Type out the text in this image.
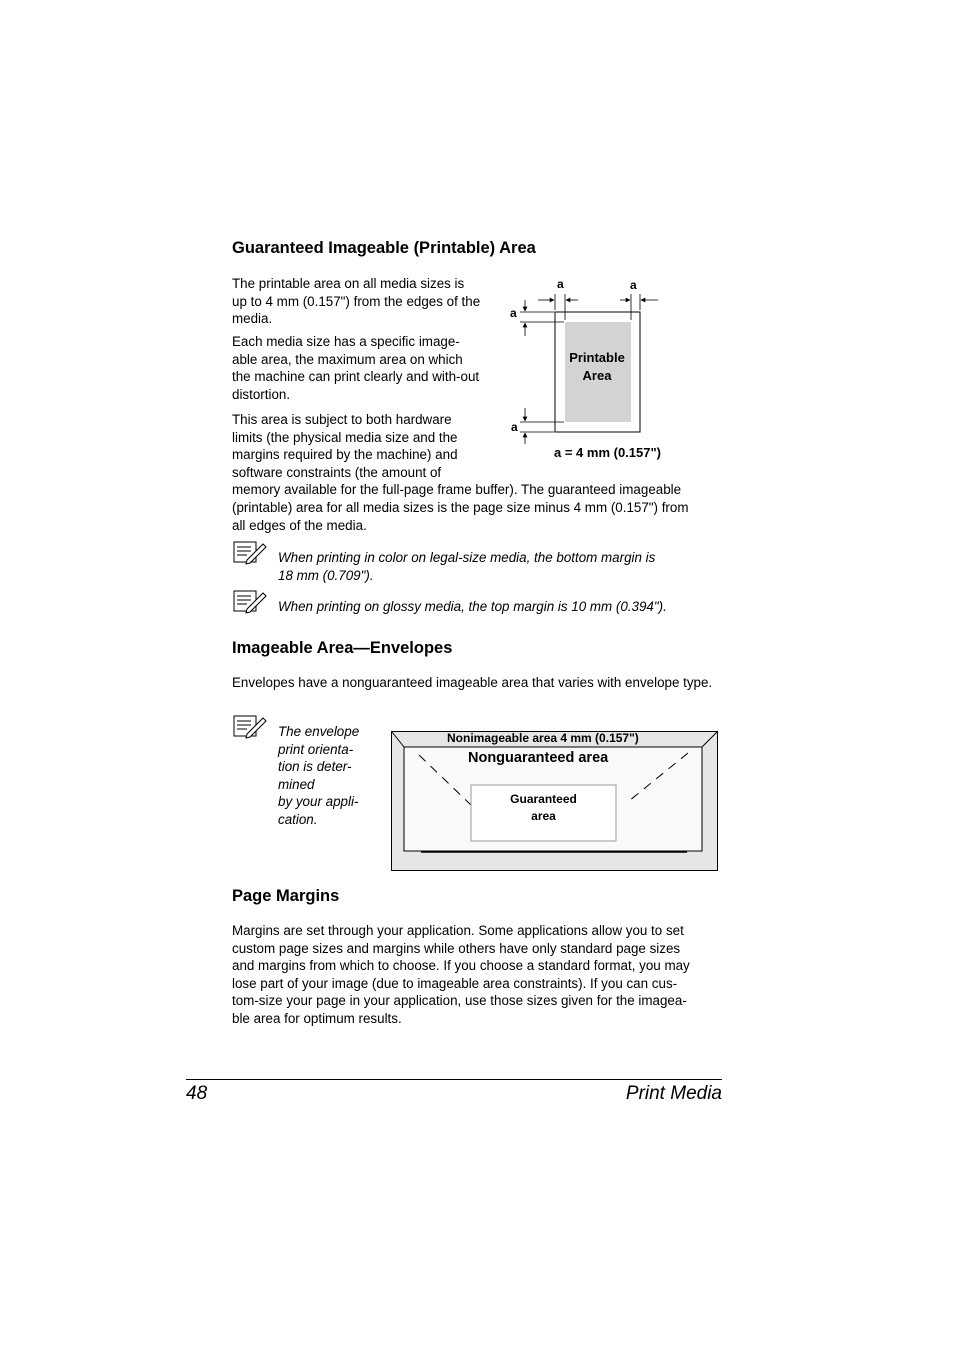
Guaranteed Imageable (Printable) Area

The printable area on all media sizes is up to 4 mm (0.157") from the edges of the media.

Each media size has a specific image-able area, the maximum area on which the machine can print clearly and with-out distortion.

This area is subject to both hardware
limits (the physical media size and the
margins required by the machine) and
software constraints (the amount of
memory available for the full-page frame buffer). The guaranteed imageable
(printable) area for all media sizes is the page size minus 4 mm (0.157") from
all edges of the media.
a	a
a
a
Printable
Area
a = 4 mm (0.157")
When printing in color on legal-size media, the bottom margin is
18 mm (0.709").
When printing on glossy media, the top margin is 10 mm (0.394").
Imageable Area—Envelopes

Envelopes have a nonguaranteed imageable area that varies with envelope type.

The envelope
print orienta-
tion is deter-
mined
by your appli-
cation.
Nonimageable area 4 mm (0.157")
Nonguaranteed area
Guaranteed
area
Page Margins
Margins are set through your application. Some applications allow you to set
custom page sizes and margins while others have only standard page sizes
and margins from which to choose. If you choose a standard format, you may
lose part of your image (due to imageable area constraints). If you can cus-
tom-size your page in your application, use those sizes given for the imagea-
ble area for optimum results.
48	Print Media
